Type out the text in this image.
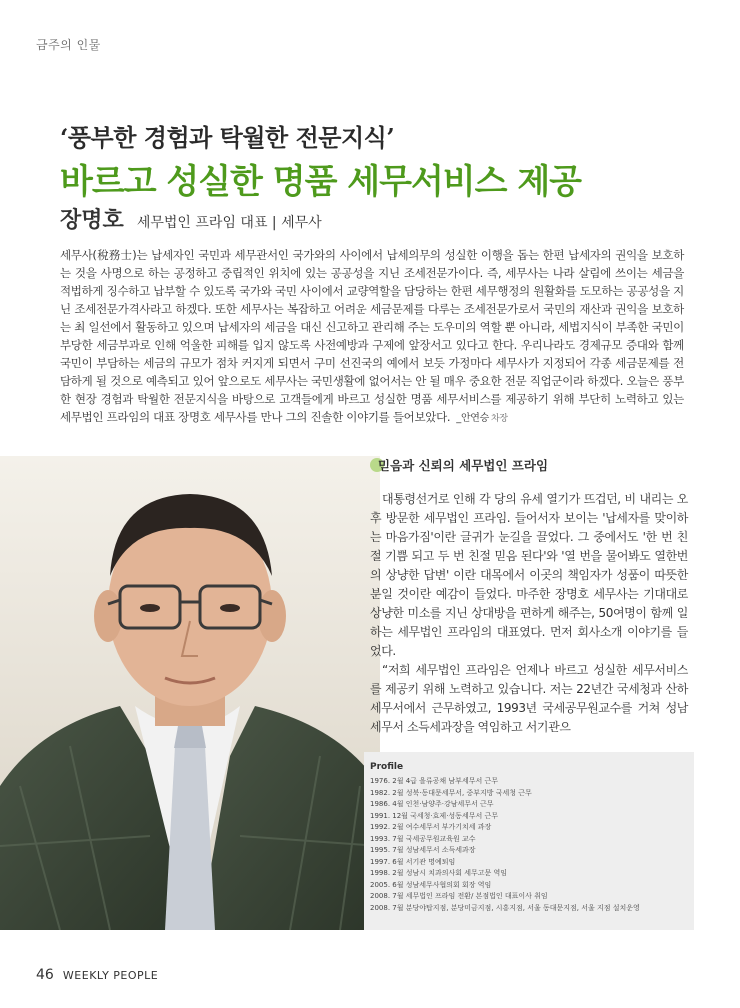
금주의 인물
‘풍부한 경험과 탁월한 전문지식’
바르고 성실한 명품 세무서비스 제공
장명호 세무법인 프라임 대표 | 세무사

세무사(稅務士)는 납세자인 국민과 세무관서인 국가와의 사이에서 납세의무의 성실한 이행을 돕는 한편 납세자의 권익을 보호하는 것을 사명으로 하는 공정하고 중립적인 위치에 있는 공공성을 지닌 조세전문가이다. 즉, 세무사는 나라 살림에 쓰이는 세금을 적법하게 징수하고 납부할 수 있도록 국가와 국민 사이에서 교량역할을 담당하는 한편 세무행정의 원활화를 도모하는 공공성을 지닌 조세전문가격사라고 하겠다. 또한 세무사는 복잡하고 어려운 세금문제를 다루는 조세전문가로서 국민의 재산과 권익을 보호하는 최 일선에서 활동하고 있으며 납세자의 세금을 대신 신고하고 관리해 주는 도우미의 역할 뿐 아니라, 세법지식이 부족한 국민이 부당한 세금부과로 인해 억울한 피해를 입지 않도록 사전예방과 구제에 앞장서고 있다고 한다. 우리나라도 경제규모 증대와 함께 국민이 부담하는 세금의 규모가 점차 커지게 되면서 구미 선진국의 예에서 보듯 가정마다 세무사가 지정되어 각종 세금문제를 전담하게 될 것으로 예측되고 있어 앞으로도 세무사는 국민생활에 없어서는 안 될 매우 중요한 전문 직업군이라 하겠다. 오늘은 풍부한 현장 경험과 탁월한 전문지식을 바탕으로 고객들에게 바르고 성실한 명품 세무서비스를 제공하기 위해 부단히 노력하고 있는 세무법인 프라임의 대표 장명호 세무사를 만나 그의 진솔한 이야기를 들어보았다. _안연승 차장

믿음과 신뢰의 세무법인 프라임

대통령선거로 인해 각 당의 유세 열기가 뜨겁던, 비 내리는 오후 방문한 세무법인 프라임. 들어서자 보이는 '납세자를 맞이하는 마음가짐'이란 글귀가 눈길을 끌었다. 그 중에서도 '한 번 친절 기쁨 되고 두 번 친절 믿음 된다'와 '열 번을 물어봐도 열한번의 상냥한 답변' 이란 대목에서 이곳의 책임자가 성품이 따뜻한 분일 것이란 예감이 들었다. 마주한 장명호 세무사는 기대대로 상냥한 미소를 지닌 상대방을 편하게 해주는, 50여명이 함께 일하는 세무법인 프라임의 대표였다. 먼저 회사소개 이야기를 들었다.

“저희 세무법인 프라임은 언제나 바르고 성실한 세무서비스를 제공키 위해 노력하고 있습니다. 저는 22년간 국세청과 산하세무서에서 근무하였고, 1993년 국세공무원교수를 거쳐 성남세무서 소득세과장을 역임하고 서기관으

Profile
1976. 2월 4급 을류공채 남부세무서 근무
1982. 2월 성북·동대문세무서, 중부지방 국세청 근무
1986. 4월 인천·남양주·강남세무서 근무
1991. 12월 국세청·효제·성동세무서 근무
1992. 2월 여수세무서 부가기치세 과장
1993. 7월 국세공무원교육원 교수
1995. 7월 성남세무서 소득세과장
1997. 6월 서기관 명예퇴임
1998. 2월 성남시 치과의사회 세무고문 역임
2005. 6월 성남세무사협의회 회장 역임
2008. 7월 세무법인 프라임 전환/ 본점법인 대표이사 취임
2008. 7월 분당야탑지점, 분당미금지점, 시흥지점, 서울 동대문지점, 서울 지점 설치운영
46 WEEKLY PEOPLE
